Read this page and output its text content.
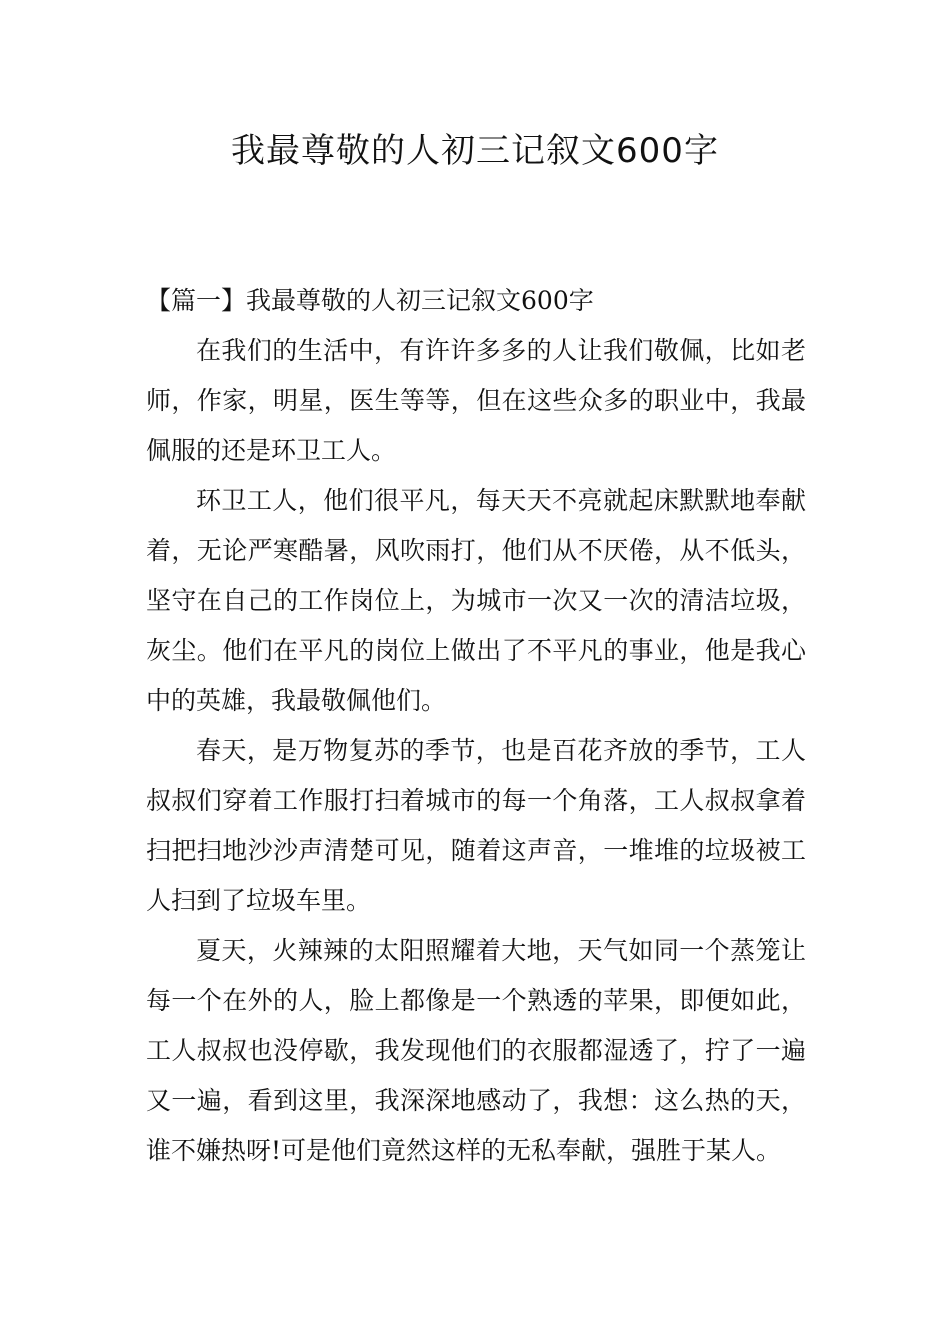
我最尊敬的人初三记叙文600字

【篇一】我最尊敬的人初三记叙文600字

在我们的生活中，有许许多多的人让我们敬佩，比如老师，作家，明星，医生等等，但在这些众多的职业中，我最佩服的还是环卫工人。

环卫工人，他们很平凡，每天天不亮就起床默默地奉献着，无论严寒酷暑，风吹雨打，他们从不厌倦，从不低头，坚守在自己的工作岗位上，为城市一次又一次的清洁垃圾，灰尘。他们在平凡的岗位上做出了不平凡的事业，他是我心中的英雄，我最敬佩他们。

春天，是万物复苏的季节，也是百花齐放的季节，工人叔叔们穿着工作服打扫着城市的每一个角落，工人叔叔拿着扫把扫地沙沙声清楚可见，随着这声音，一堆堆的垃圾被工人扫到了垃圾车里。

夏天，火辣辣的太阳照耀着大地，天气如同一个蒸笼让每一个在外的人，脸上都像是一个熟透的苹果，即便如此，工人叔叔也没停歇，我发现他们的衣服都湿透了，拧了一遍又一遍，看到这里，我深深地感动了，我想：这么热的天，谁不嫌热呀!可是他们竟然这样的无私奉献，强胜于某人。
